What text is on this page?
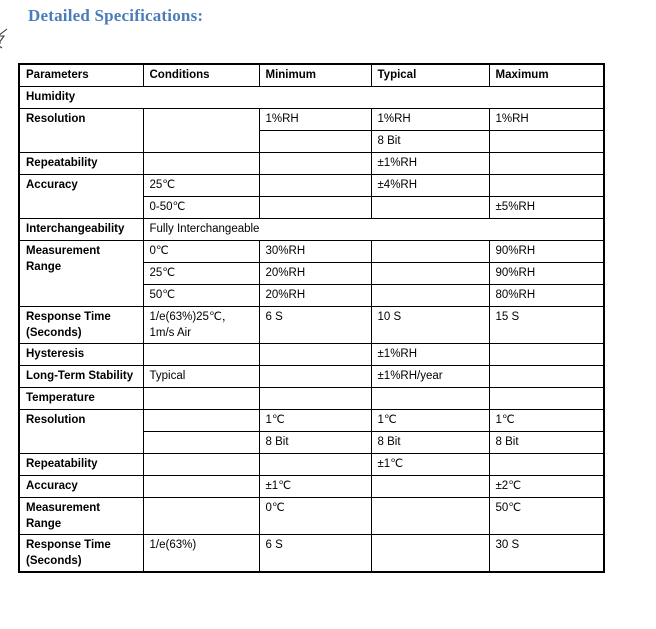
Detailed Specifications:
Parameters	Conditions	Minimum	Typical	Maximum
Humidity				
Resolution		1%RH	1%RH	1%RH
			8 Bit	
Repeatability			±1%RH	
Accuracy	25℃		±4%RH	
	0-50℃			±5%RH
Interchangeability	Fully Interchangeable			
Measurement Range	0℃	30%RH		90%RH
	25℃	20%RH		90%RH
	50℃	20%RH		80%RH
Response Time (Seconds)	1/e(63%)25℃，1m/s Air	6 S	10 S	15 S
Hysteresis			±1%RH	
Long-Term Stability	Typical		±1%RH/year	
Temperature				
Resolution		1℃	1℃	1℃
		8 Bit	8 Bit	8 Bit
Repeatability			±1℃	
Accuracy		±1℃		±2℃
Measurement Range		0℃		50℃
Response Time (Seconds)	1/e(63%)	6 S		30 S
